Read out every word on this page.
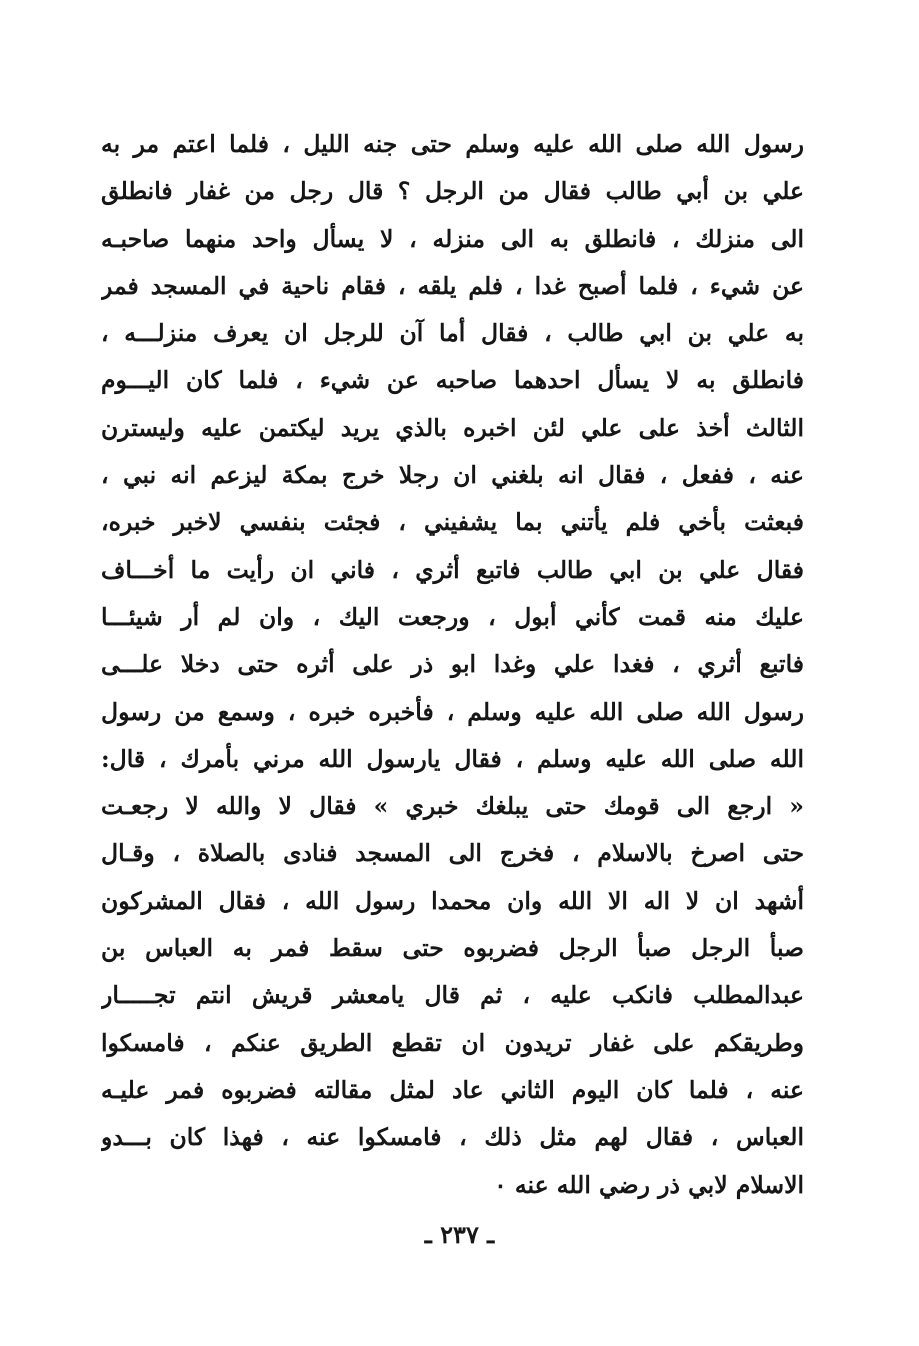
رسول الله صلى الله عليه وسلم حتى جنه الليل ، فلما اعتم مر به
علي بن أبي طالب فقال من الرجل ؟ قال رجل من غفار فانطلق
الى منزلك ، فانطلق به الى منزله ، لا يسأل واحد منهما صاحبـه
عن شيء ، فلما أصبح غدا ، فلم يلقه ، فقام ناحية في المسجد فمر
به علي بن ابي طالب ، فقال أما آن للرجل ان يعرف منزلـــه ،
فانطلق به لا يسأل احدهما صاحبه عن شيء ، فلما كان اليـــوم
الثالث أخذ على علي لئن اخبره بالذي يريد ليكتمن عليه وليسترن
عنه ، ففعل ، فقال انه بلغني ان رجلا خرج بمكة ليزعم انه نبي ،
فبعثت بأخي فلم يأتني بما يشفيني ، فجئت بنفسي لاخبر خبره،
فقال علي بن ابي طالب فاتبع أثري ، فاني ان رأيت ما أخـــاف
عليك منه قمت كأني أبول ، ورجعت اليك ، وان لم أر شيئـــا
فاتبع أثري ، فغدا علي وغدا ابو ذر على أثره حتى دخلا علـــى
رسول الله صلى الله عليه وسلم ، فأخبره خبره ، وسمع من رسول
الله صلى الله عليه وسلم ، فقال يارسول الله مرني بأمرك ، قال:
« ارجع الى قومك حتى يبلغك خبري » فقال لا والله لا رجعـت
حتى اصرخ بالاسلام ، فخرج الى المسجد فنادى بالصلاة ، وقـال
أشهد ان لا اله الا الله وان محمدا رسول الله ، فقال المشركون
صبأ الرجل صبأ الرجل فضربوه حتى سقط فمر به العباس بن
عبدالمطلب فانكب عليه ، ثم قال يامعشر قريش انتم تجـــــار
وطريقكم على غفار تريدون ان تقطع الطريق عنكم ، فامسكوا
عنه ، فلما كان اليوم الثاني عاد لمثل مقالته فضربوه فمر عليـه
العباس ، فقال لهم مثل ذلك ، فامسكوا عنه ، فهذا كان بـــدو
الاسلام لابي ذر رضي الله عنه ٠
ـ ٢٣٧ ـ
